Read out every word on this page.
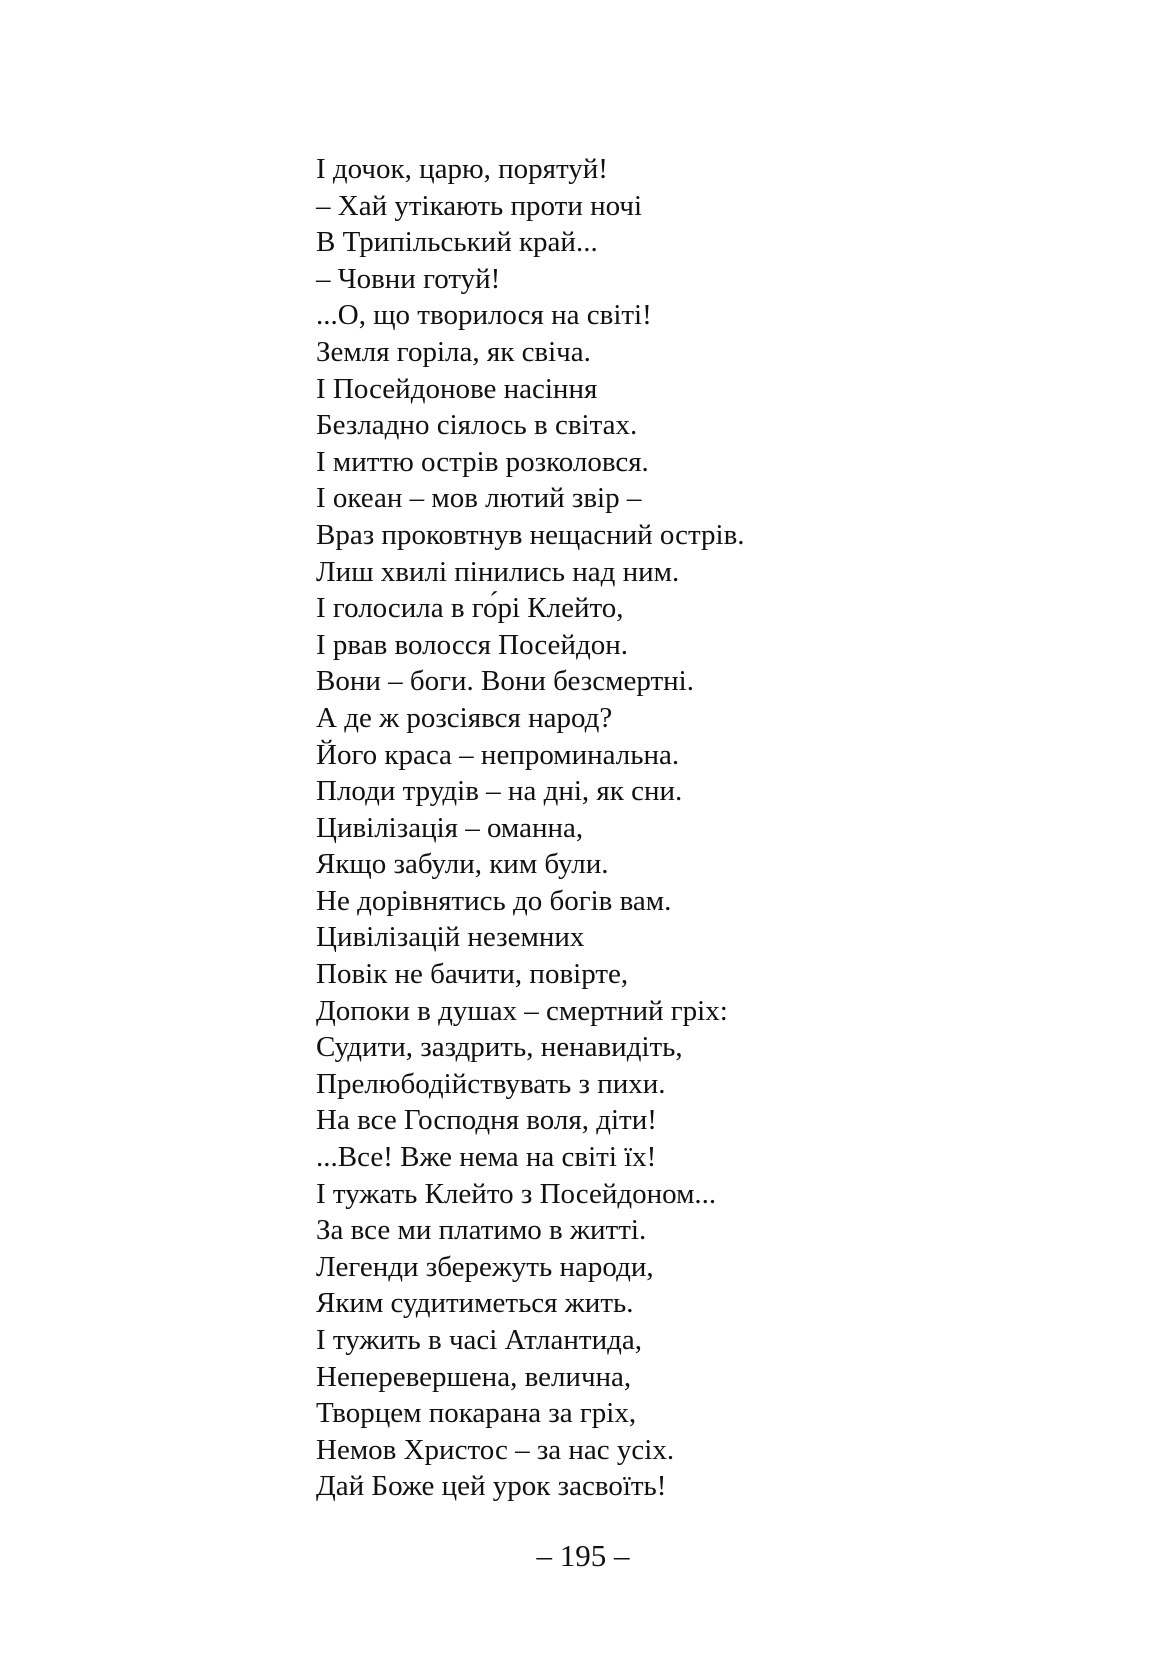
І дочок, царю, порятуй!
– Хай утікають проти ночі
В Трипільський край...
– Човни готуй!
...О, що творилося на світі!
Земля горіла, як свіча.
І Посейдонове насіння
Безладно сіялось в світах.
І миттю острів розколовся.
І океан – мов лютий звір –
Враз проковтнув нещасний острів.
Лиш хвилі пінились над ним.
І голосила в го́рі Клейто,
І рвав волосся Посейдон.
Вони – боги. Вони безсмертні.
А де ж розсіявся народ?
Його краса – непроминальна.
Плоди трудів – на дні, як сни.
Цивілізація – оманна,
Якщо забули, ким були.
Не дорівнятись до богів вам.
Цивілізацій неземних
Повік не бачити, повірте,
Допоки в душах – смертний гріх:
Судити, заздрить, ненавидіть,
Прелюбодійствувать з пихи.
На все Господня воля, діти!
...Все! Вже нема на світі їх!
І тужать Клейто з Посейдоном...
За все ми платимо в житті.
Легенди збережуть народи,
Яким судитиметься жить.
І тужить в часі Атлантида,
Неперевершена, велична,
Творцем покарана за гріх,
Немов Христос – за нас усіх.
Дай Боже цей урок засвоїть!
– 195 –
